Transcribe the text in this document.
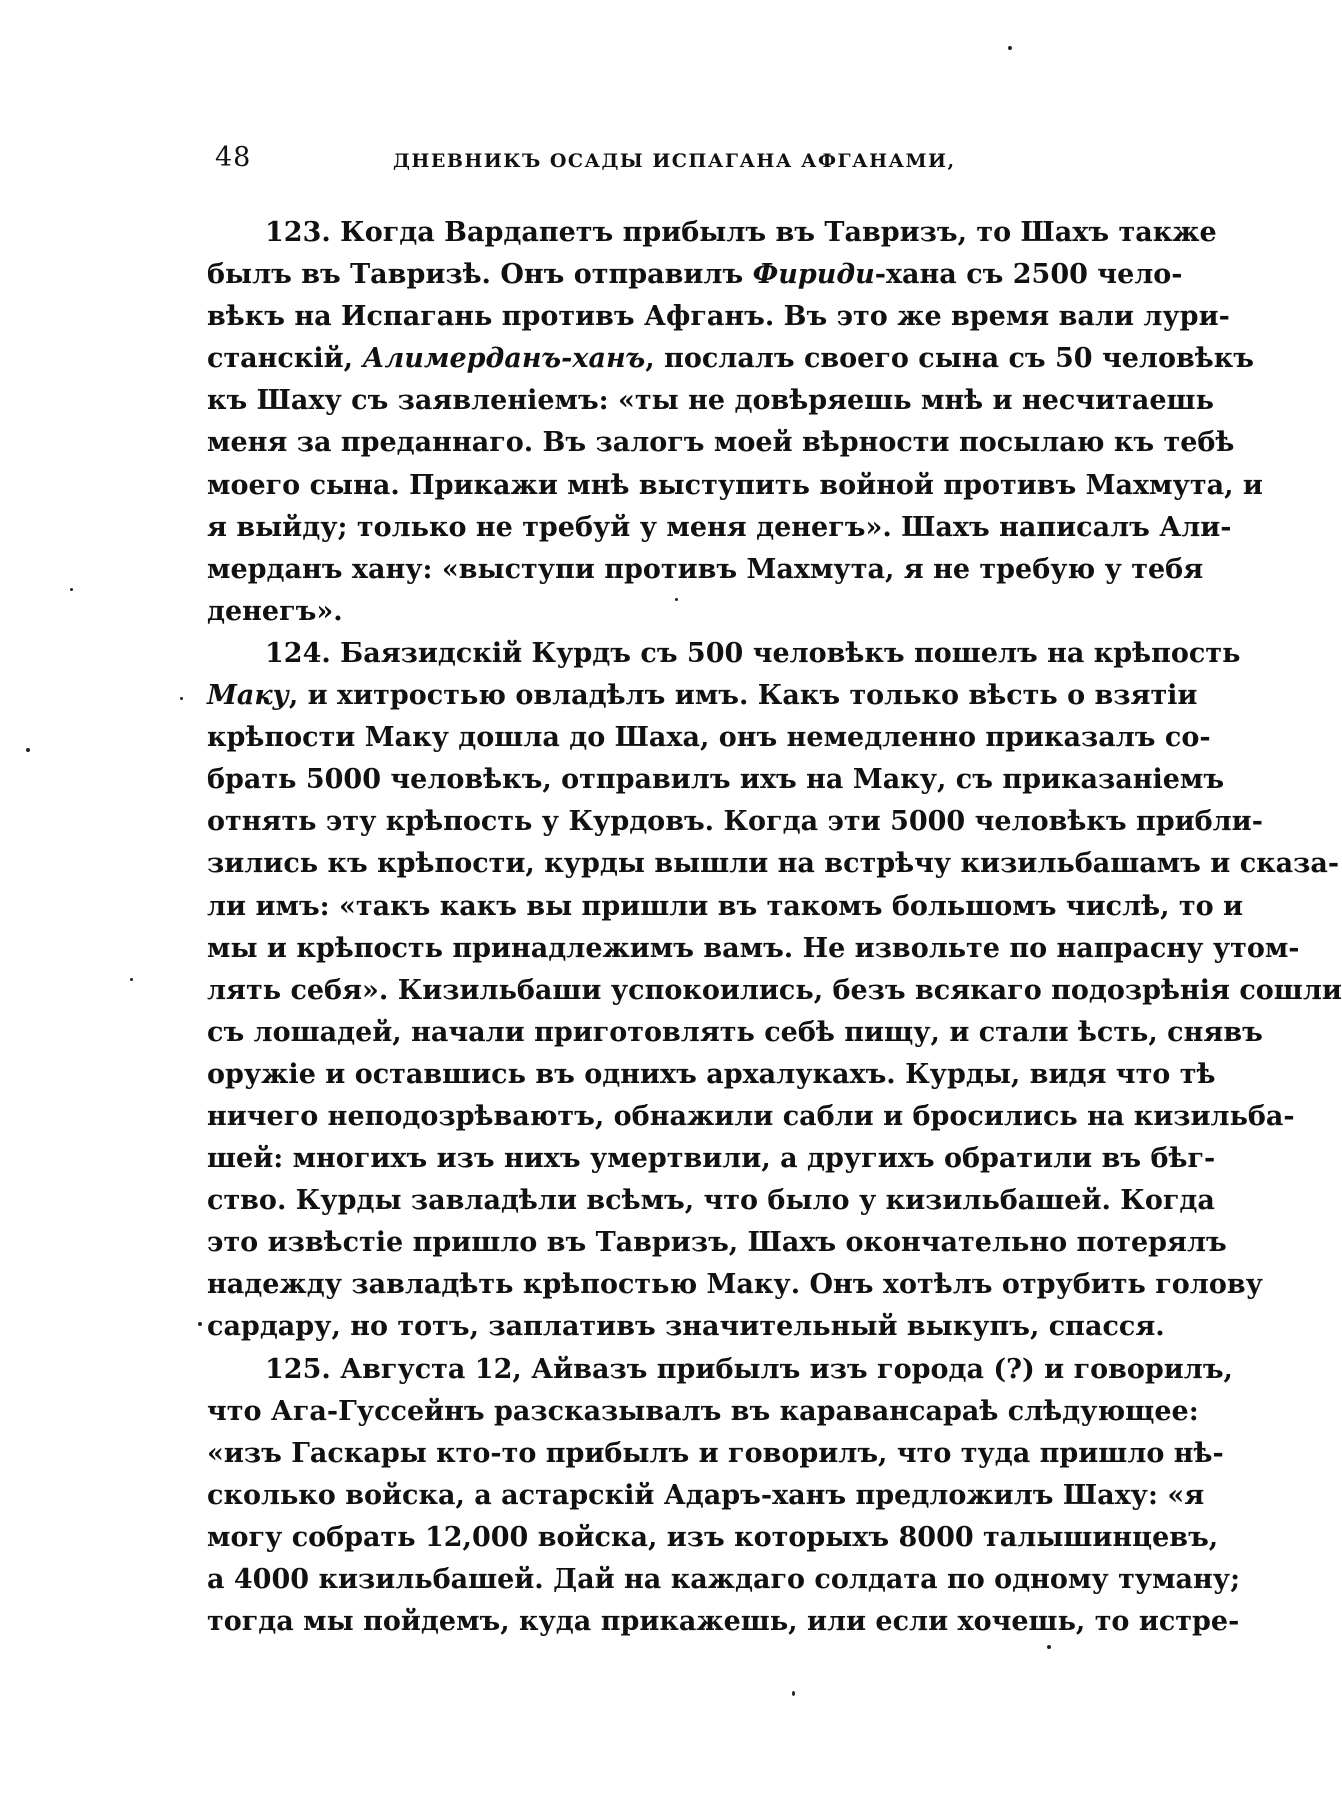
48	ДНЕВНИКЪ ОСАДЫ ИСПАГАНА АФГАНАМИ,
123. Когда Вардапетъ прибылъ въ Тавризъ, то Шахъ также
былъ въ Тавризѣ. Онъ отправилъ Фириди-хана съ 2500 чело-
вѣкъ на Испагань противъ Афганъ. Въ это же время вали лури-
станскій, Алимерданъ-ханъ, послалъ своего сына съ 50 человѣкъ
къ Шаху съ заявленіемъ: «ты не довѣряешь мнѣ и несчитаешь
меня за преданнаго. Въ залогъ моей вѣрности посылаю къ тебѣ
моего сына. Прикажи мнѣ выступить войной противъ Махмута, и
я выйду; только не требуй у меня денегъ». Шахъ написалъ Али-
мерданъ хану: «выступи противъ Махмута, я не требую у тебя
денегъ».
124. Баязидскій Курдъ съ 500 человѣкъ пошелъ на крѣпость
Маку, и хитростью овладѣлъ имъ. Какъ только вѣсть о взятіи
крѣпости Маку дошла до Шаха, онъ немедленно приказалъ со-
брать 5000 человѣкъ, отправилъ ихъ на Маку, съ приказаніемъ
отнять эту крѣпость у Курдовъ. Когда эти 5000 человѣкъ прибли-
зились къ крѣпости, курды вышли на встрѣчу кизильбашамъ и сказа-
ли имъ: «такъ какъ вы пришли въ такомъ большомъ числѣ, то и
мы и крѣпость принадлежимъ вамъ. Не извольте по напрасну утом-
лять себя». Кизильбаши успокоились, безъ всякаго подозрѣнія сошли
съ лошадей, начали приготовлять себѣ пищу, и стали ѣсть, снявъ
оружіе и оставшись въ однихъ архалукахъ. Курды, видя что тѣ
ничего неподозрѣваютъ, обнажили сабли и бросились на кизильба-
шей: многихъ изъ нихъ умертвили, а другихъ обратили въ бѣг-
ство. Курды завладѣли всѣмъ, что было у кизильбашей. Когда
это извѣстіе пришло въ Тавризъ, Шахъ окончательно потерялъ
надежду завладѣть крѣпостью Маку. Онъ хотѣлъ отрубить голову
сардару, но тотъ, заплативъ значительный выкупъ, спасся.
125. Августа 12, Айвазъ прибылъ изъ города (?) и говорилъ,
что Ага-Гуссейнъ разсказывалъ въ каравансараѣ слѣдующее:
«изъ Гаскары кто-то прибылъ и говорилъ, что туда пришло нѣ-
сколько войска, а астарскій Адаръ-ханъ предложилъ Шаху: «я
могу собрать 12,000 войска, изъ которыхъ 8000 талышинцевъ,
а 4000 кизильбашей. Дай на каждаго солдата по одному туману;
тогда мы пойдемъ, куда прикажешь, или если хочешь, то истре-
